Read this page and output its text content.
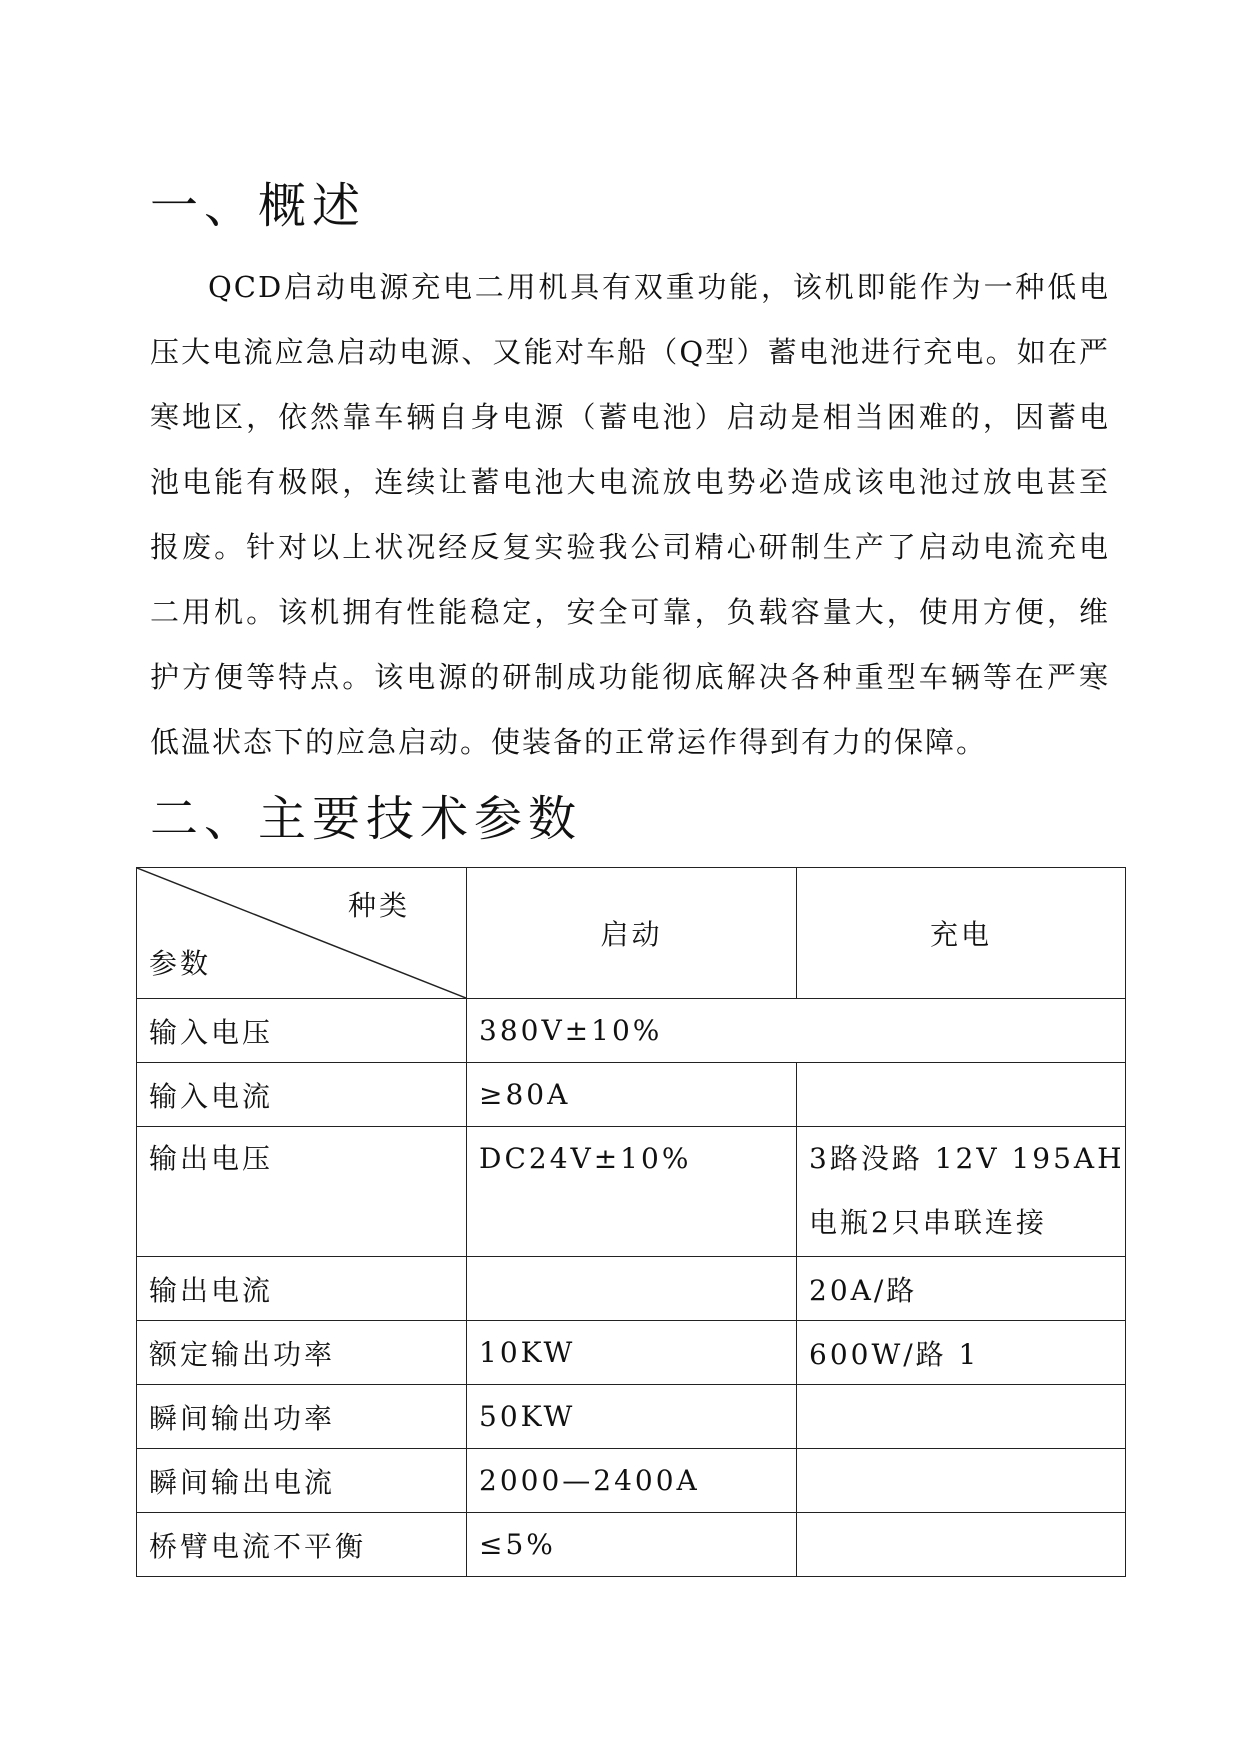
一、概述

QCD启动电源充电二用机具有双重功能，该机即能作为一种低电压大电流应急启动电源、又能对车船（Q型）蓄电池进行充电。如在严寒地区，依然靠车辆自身电源（蓄电池）启动是相当困难的，因蓄电池电能有极限，连续让蓄电池大电流放电势必造成该电池过放电甚至报废。针对以上状况经反复实验我公司精心研制生产了启动电流充电二用机。该机拥有性能稳定，安全可靠，负载容量大，使用方便，维护方便等特点。该电源的研制成功能彻底解决各种重型车辆等在严寒低温状态下的应急启动。使装备的正常运作得到有力的保障。

二、主要技术参数
种类
参数	启动	充电
输入电压	380V±10%	
输入电流	≥80A	

输出电压	DC24V±10%	3路没路 12V 195AH
电瓶2只串联连接

输出电流		20A/路
额定输出功率	10KW	600W/路 1
瞬间输出功率	50KW	
瞬间输出电流	2000—2400A	
桥臂电流不平衡	≤5%	
